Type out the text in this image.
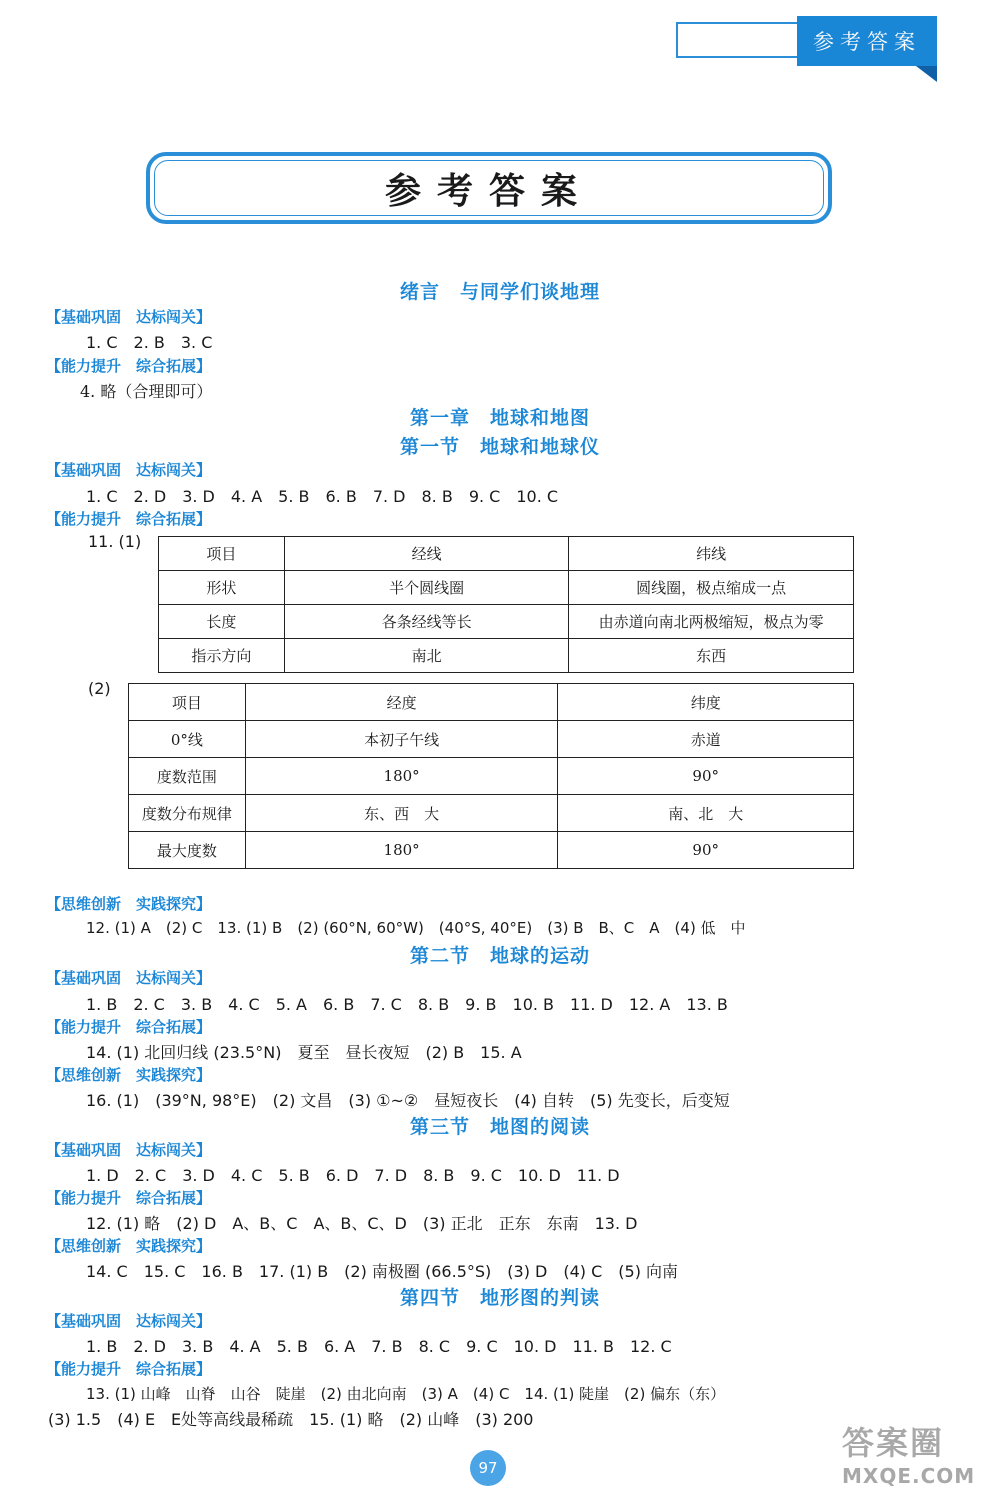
参考答案
参考答案
绪言　与同学们谈地理
【基础巩固　达标闯关】
1. C　2. B　3. C
【能力提升　综合拓展】
4. 略（合理即可）
第一章　地球和地图
第一节　地球和地球仪
【基础巩固　达标闯关】
1. C　2. D　3. D　4. A　5. B　6. B　7. D　8. B　9. C　10. C
【能力提升　综合拓展】
11. (1)
项目	经线	纬线
形状	半个圆线圈	圆线圈，极点缩成一点
长度	各条经线等长	由赤道向南北两极缩短，极点为零
指示方向	南北	东西
(2)
项目	经度	纬度
0°线	本初子午线	赤道
度数范围	180°	90°
度数分布规律	东、西　大	南、北　大
最大度数	180°	90°
【思维创新　实践探究】
12. (1) A　(2) C　13. (1) B　(2) (60°N, 60°W)　(40°S, 40°E)　(3) B　B、C　A　(4) 低　中
第二节　地球的运动
【基础巩固　达标闯关】
1. B　2. C　3. B　4. C　5. A　6. B　7. C　8. B　9. B　10. B　11. D　12. A　13. B
【能力提升　综合拓展】
14. (1) 北回归线 (23.5°N)　夏至　昼长夜短　(2) B　15. A
【思维创新　实践探究】
16. (1)　(39°N, 98°E)　(2) 文昌　(3) ①~②　昼短夜长　(4) 自转　(5) 先变长，后变短
第三节　地图的阅读
【基础巩固　达标闯关】
1. D　2. C　3. D　4. C　5. B　6. D　7. D　8. B　9. C　10. D　11. D
【能力提升　综合拓展】
12. (1) 略　(2) D　A、B、C　A、B、C、D　(3) 正北　正东　东南　13. D
【思维创新　实践探究】
14. C　15. C　16. B　17. (1) B　(2) 南极圈 (66.5°S)　(3) D　(4) C　(5) 向南
第四节　地形图的判读
【基础巩固　达标闯关】
1. B　2. D　3. B　4. A　5. B　6. A　7. B　8. C　9. C　10. D　11. B　12. C
【能力提升　综合拓展】
13. (1) 山峰　山脊　山谷　陡崖　(2) 由北向南　(3) A　(4) C　14. (1) 陡崖　(2) 偏东（东）
(3) 1.5　(4) E　E处等高线最稀疏　15. (1) 略　(2) 山峰　(3) 200
97
答案圈
MXQE.COM
